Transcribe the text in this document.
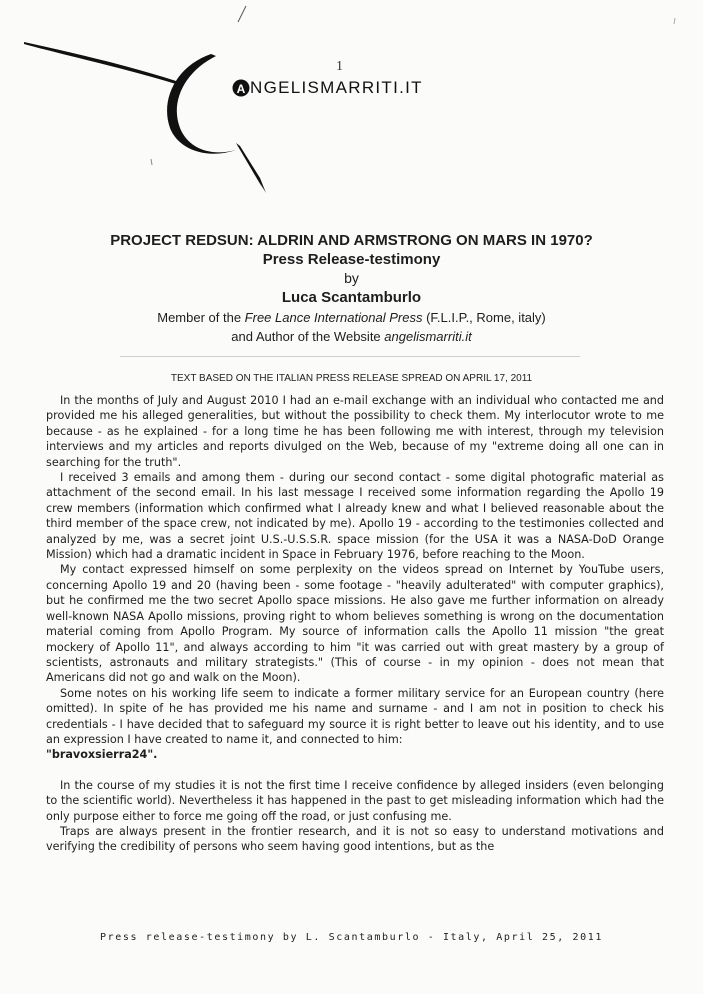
A
1
NGELISMARRITI.IT
PROJECT REDSUN: ALDRIN AND ARMSTRONG ON MARS IN 1970?
Press Release-testimony
by
Luca Scantamburlo
Member of the Free Lance International Press (F.L.I.P., Rome, italy)
and Author of the Website angelismarriti.it
TEXT BASED ON THE ITALIAN PRESS RELEASE SPREAD ON APRIL 17, 2011

In the months of July and August 2010 I had an e-mail exchange with an individual who contacted me and provided me his alleged generalities, but without the possibility to check them. My interlocutor wrote to me because - as he explained - for a long time he has been following me with interest, through my television interviews and my articles and reports divulged on the Web, because of my "extreme doing all one can in searching for the truth".

I received 3 emails and among them - during our second contact - some digital photografic material as attachment of the second email. In his last message I received some information regarding the Apollo 19 crew members (information which confirmed what I already knew and what I believed reasonable about the third member of the space crew, not indicated by me). Apollo 19 - according to the testimonies collected and analyzed by me, was a secret joint U.S.-U.S.S.R. space mission (for the USA it was a NASA-DoD Orange Mission) which had a dramatic incident in Space in February 1976, before reaching to the Moon.

My contact expressed himself on some perplexity on the videos spread on Internet by YouTube users, concerning Apollo 19 and 20 (having been - some footage - "heavily adulterated" with computer graphics), but he confirmed me the two secret Apollo space missions. He also gave me further information on already well-known NASA Apollo missions, proving right to whom believes something is wrong on the documentation material coming from Apollo Program. My source of information calls the Apollo 11 mission "the great mockery of Apollo 11", and always according to him "it was carried out with great mastery by a group of scientists, astronauts and military strategists." (This of course - in my opinion - does not mean that Americans did not go and walk on the Moon).

Some notes on his working life seem to indicate a former military service for an European country (here omitted). In spite of he has provided me his name and surname - and I am not in position to check his credentials - I have decided that to safeguard my source it is right better to leave out his identity, and to use an expression I have created to name it, and connected to him:

"bravoxsierra24".

In the course of my studies it is not the first time I receive confidence by alleged insiders (even belonging to the scientific world). Nevertheless it has happened in the past to get misleading information which had the only purpose either to force me going off the road, or just confusing me.

Traps are always present in the frontier research, and it is not so easy to understand motivations and verifying the credibility of persons who seem having good intentions, but as the

Press release-testimony by L. Scantamburlo - Italy, April 25, 2011
